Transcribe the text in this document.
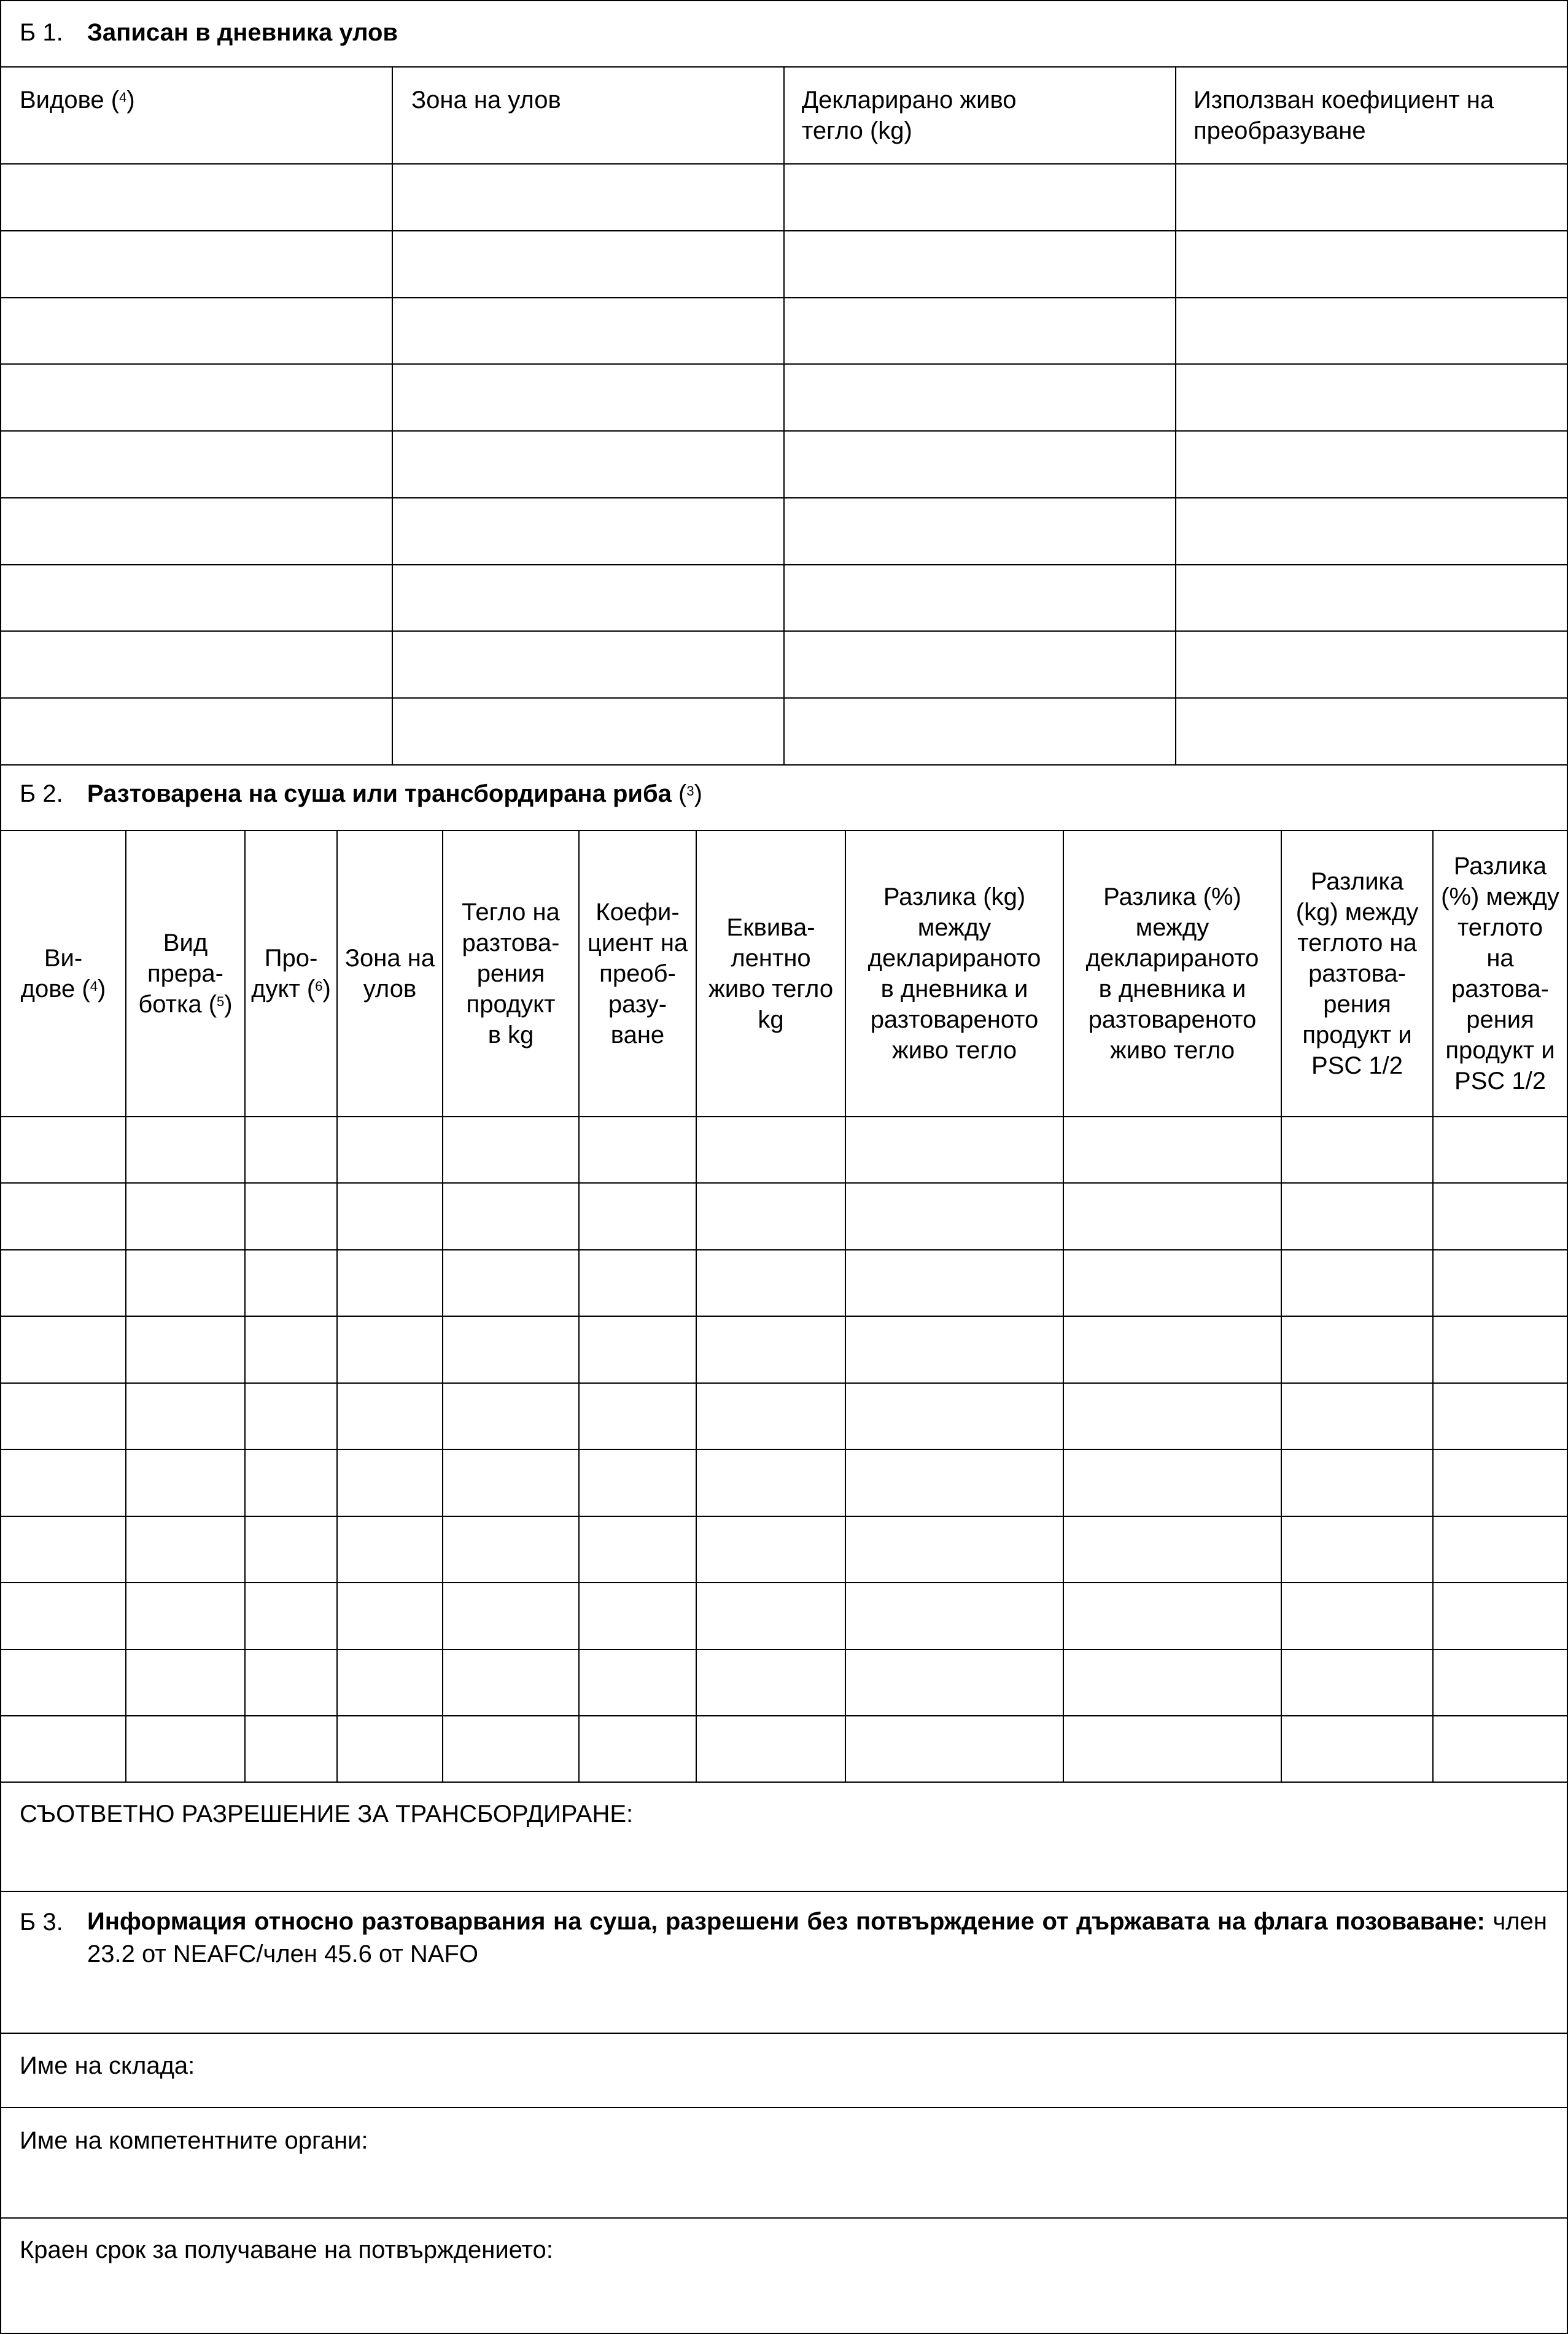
Б 1. Записан в дневника улов
Видове ($^4$)	Зона на улов	Декларирано живо
тегло (kg)
Използван коефициент на
преобразуване
Б 2. Разтоварена на суша или трансбордирана риба ($^3$)
Ви-
дове ($^4$)
Вид
прера-
ботка ($^5$)
Про-
дукт ($^6$)
Зона на
улов
Тегло на
разтова-
рения
продукт
в kg
Коефи-
циент на
преоб-
разу-
ване
Еквива-
лентно
живо тегло
kg
Разлика (kg)
между
декларираното
в дневника и
разтовареното
живо тегло
Разлика (%)
между
декларираното
в дневника и
разтовареното
живо тегло
Разлика
(kg) между
теглото на
разтова-
рения
продукт и
PSC 1/2
Разлика
(%) между
теглото
на
разтова-
рения
продукт и
PSC 1/2
СЪОТВЕТНО РАЗРЕШЕНИЕ ЗА ТРАНСБОРДИРАНЕ:
Б 3. Информация относно разтоварвания на суша, разрешени без потвърждение от държавата на флага позоваване: член 23.2 от NEAFC/член 45.6 от NAFO
Име на склада:
Име на компетентните органи:
Краен срок за получаване на потвърждението:
